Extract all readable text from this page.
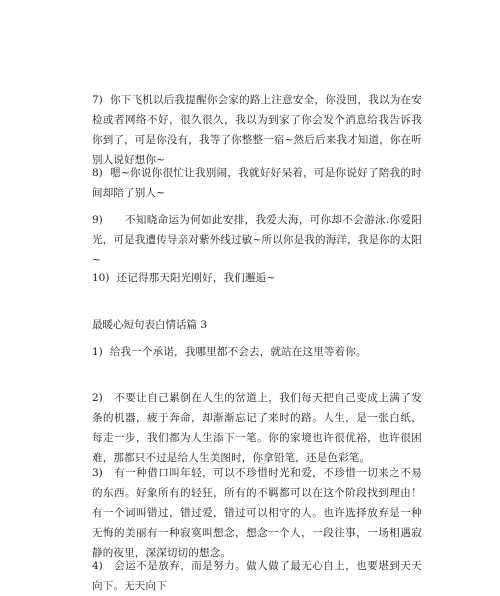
7) 你下飞机以后我提醒你会家的路上注意安全，你没回，我以为在安检或者网络不好，很久很久，我以为到家了你会发个消息给我告诉我你到了，可是你没有，我等了你整整一宿~然后后来我才知道，你在听别人说好想你~

8) 嗯~你说你很忙让我别闹，我就好好呆着，可是你说好了陪我的时间却陪了别人~

9) 不知晓命运为何如此安排，我爱大海，可你却不会游泳.你爱阳光，可是我遭传导亲对紫外线过敏~所以你是我的海洋，我是你的太阳~

10) 还记得那天阳光刚好，我们邂逅~

最暖心短句表白情话篇 3

1) 给我一个承诺，我哪里都不会去，就站在这里等着你。

2) 不要让自己累倒在人生的岔道上，我们每天把自己变成上满了发条的机器，疲于奔命，却渐渐忘记了来时的路。人生，是一张白纸，每走一步，我们都为人生添下一笔。你的家境也许很优裕，也许很困难，那都只不过是给人生美图时，你拿铅笔，还是色彩笔。

3) 有一种借口叫年轻，可以不珍惜时光和爱，不珍惜一切来之不易的东西。好象所有的轻狂，所有的不羁都可以在这个阶段找到理由！有一个词叫错过，错过爱，错过可以相守的人。也许选择放弃是一种无悔的美丽有一种寂寞叫想念，想念一个人，一段往事，一场相遇寂静的夜里，深深切切的想念。

4) 会运不是放弃，而是努力。做人做了最无心自上，也要堪到天天向下。无天向下
